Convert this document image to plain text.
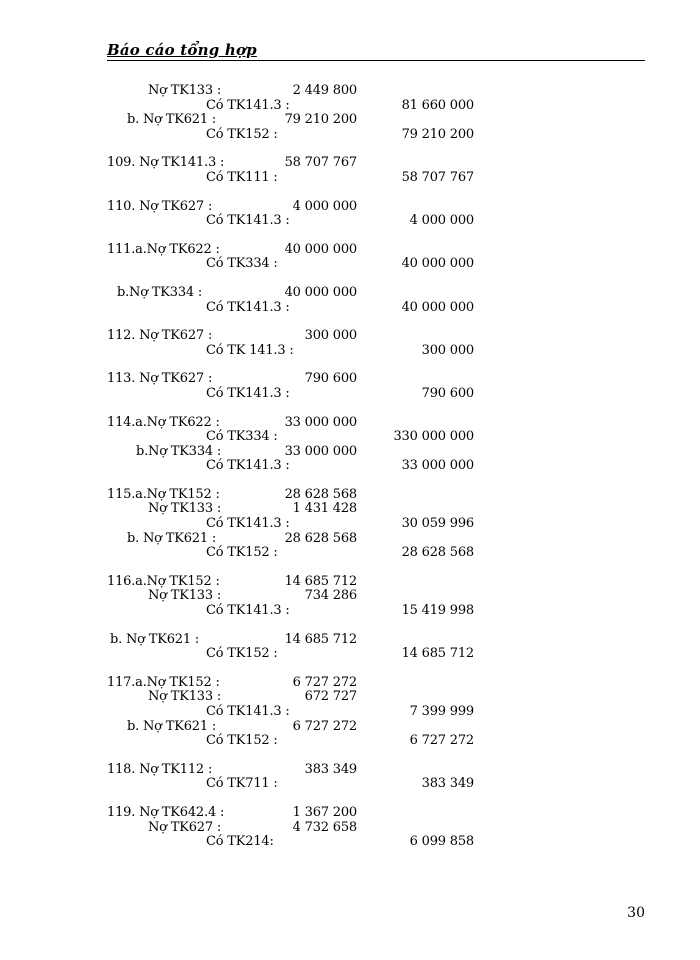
Báo cáo tổng hợp
Nợ TK133 :	2 449 800
Có TK141.3 :	81 660 000
b. Nợ TK621 :	79 210 200
Có TK152 :	79 210 200
109. Nợ TK141.3 :	58 707 767
Có TK111 :	58 707 767
110. Nợ TK627 :	4 000 000
Có TK141.3 :	4 000 000
111.a.Nợ TK622 :	40 000 000
Có TK334 :	40 000 000
b.Nợ TK334 :	40 000 000
Có TK141.3 :	40 000 000
112. Nợ TK627 :	300 000
Có TK 141.3 :	300 000
113. Nợ TK627 :	790 600
Có TK141.3 :	790 600
114.a.Nợ TK622 :	33 000 000
Có TK334 :	330 000 000
b.Nợ TK334 :	33 000 000
Có TK141.3 :	33 000 000
115.a.Nợ TK152 :	28 628 568
Nợ TK133 :	1 431 428
Có TK141.3 :	30 059 996
b. Nợ TK621 :	28 628 568
Có TK152 :	28 628 568
116.a.Nợ TK152 :	14 685 712
Nợ TK133 :	734 286
Có TK141.3 :	15 419 998
b. Nợ TK621 :	14 685 712
Có TK152 :	14 685 712
117.a.Nợ TK152 :	6 727 272
Nợ TK133 :	672 727
Có TK141.3 :	7 399 999
b. Nợ TK621 :	6 727 272
Có TK152 :	6 727 272
118. Nợ TK112 :	383 349
Có TK711 :	383 349
119. Nợ TK642.4 :	1 367 200
Nợ TK627 :	4 732 658
Có TK214:	6 099 858
30
